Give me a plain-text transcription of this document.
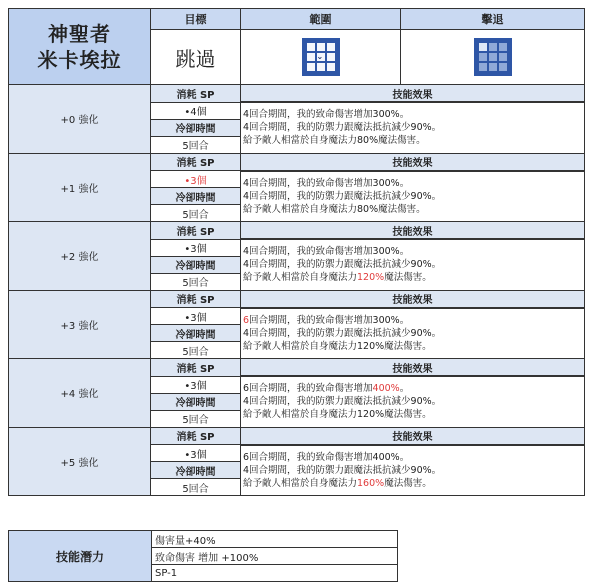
神聖者
米卡埃拉	目標	範圍	擊退
	跳過	⌄	

+0 強化	消耗 SP	技能效果	
	•4個	4回合期間，我的致命傷害增加300%。
4回合期間，我的防禦力跟魔法抵抗減少90%。
給予敵人相當於自身魔法力80%魔法傷害。	

	冷卻時間		
	5回合		
+1 強化	消耗 SP	技能效果	
	•3個	4回合期間，我的致命傷害增加300%。
4回合期間，我的防禦力跟魔法抵抗減少90%。
給予敵人相當於自身魔法力80%魔法傷害。	

	冷卻時間		
	5回合		
+2 強化	消耗 SP	技能效果	
	•3個	4回合期間，我的致命傷害增加300%。
4回合期間，我的防禦力跟魔法抵抗減少90%。
給予敵人相當於自身魔法力120%魔法傷害。	

	冷卻時間		
	5回合		
+3 強化	消耗 SP	技能效果	
	•3個	6回合期間，我的致命傷害增加300%。
4回合期間，我的防禦力跟魔法抵抗減少90%。
給予敵人相當於自身魔法力120%魔法傷害。	

	冷卻時間		
	5回合		
+4 強化	消耗 SP	技能效果	
	•3個	6回合期間，我的致命傷害增加400%。
4回合期間，我的防禦力跟魔法抵抗減少90%。
給予敵人相當於自身魔法力120%魔法傷害。	

	冷卻時間		
	5回合		
+5 強化	消耗 SP	技能效果	
	•3個	6回合期間，我的致命傷害增加400%。
4回合期間，我的防禦力跟魔法抵抗減少90%。
給予敵人相當於自身魔法力160%魔法傷害。	

	冷卻時間		
	5回合		
技能潛力	傷害量+40%
致命傷害 增加 +100%
SP-1
